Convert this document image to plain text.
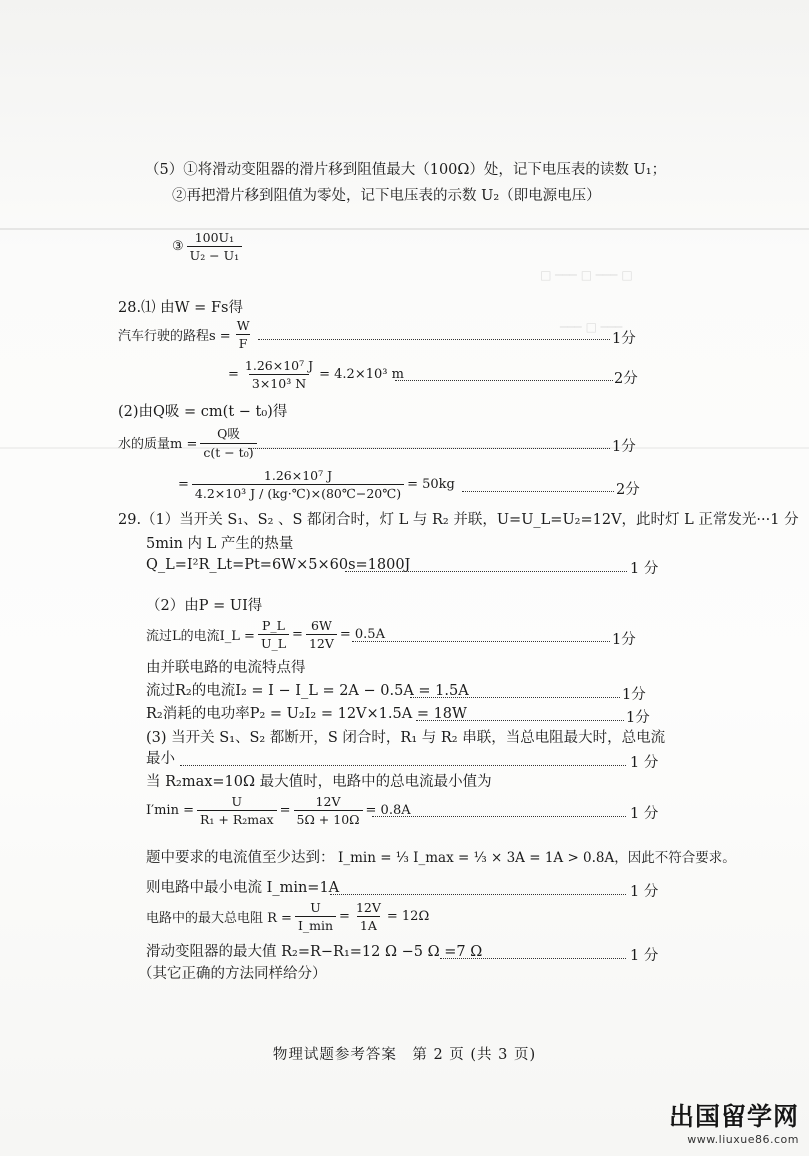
□ ─── □ ─── □
─── □ ───
（5）①将滑动变阻器的滑片移到阻值最大（100Ω）处，记下电压表的读数 U₁；
②再把滑片移到阻值为零处，记下电压表的示数 U₂（即电源电压）
③ $\frac{\text{100U₁}}{\text{U₂ − U₁}}$
28.⑴ 由W = Fs得
汽车行驶的路程$s = \frac{W}{F}$	1分
= $\frac{\text{1.26×10⁷ J}}{\text{3×10³ N}} = 4.2\times 10^3$ m	2分
(2)由Q吸 = cm(t − t₀)得
水的质量$m = \frac{\text{Q吸}}{\text{c(t − t₀)}}$	1分
= $\frac{\text{1.26×10⁷ J}}{\text{4.2×10³ J / (kg·℃)×(80℃−20℃)}} = 50kg$	2分
29.（1）当开关 S₁、S₂ 、S 都闭合时，灯 L 与 R₂ 并联，U=U_L=U₂=12V，此时灯 L 正常发光···1 分
5min 内 L 产生的热量
Q_L=I²R_Lt=Pt=6W×5×60s=1800J	1 分
（2）由P = UI得
流过L的电流I_L = $\frac{P\_L}{U\_L} = \frac{6W}{12V} = 0.5A$	1分
由并联电路的电流特点得
流过R₂的电流I₂ = I − I_L = 2A − 0.5A = 1.5A	1分
R₂消耗的电功率P₂ = U₂I₂ = 12V×1.5A = 18W	1分
(3) 当开关 S₁、S₂ 都断开，S 闭合时，R₁ 与 R₂ 串联，当总电阻最大时，总电流
最小	1 分
当 R₂max=10Ω 最大值时，电路中的总电流最小值为
$I'\min = \frac{U}{\text{R₁ + R₂max}} = \frac{12V}{5\Omega + 10\Omega} = 0.8A$	1 分
题中要求的电流值至少达到： I_min = ⅓ I_max = ⅓ × 3A = 1A > 0.8A，因此不符合要求。
则电路中最小电流 I_min=1A	1 分
电路中的最大总电阻 $R = \frac{U}{I\_\min} = \frac{12V}{1A} = 12\Omega$
滑动变阻器的最大值 R₂=R−R₁=12 Ω −5 Ω =7 Ω	1 分
（其它正确的方法同样给分）
物理试题参考答案　第 2 页 (共 3 页)
出国留学网
www.liuxue86.com
